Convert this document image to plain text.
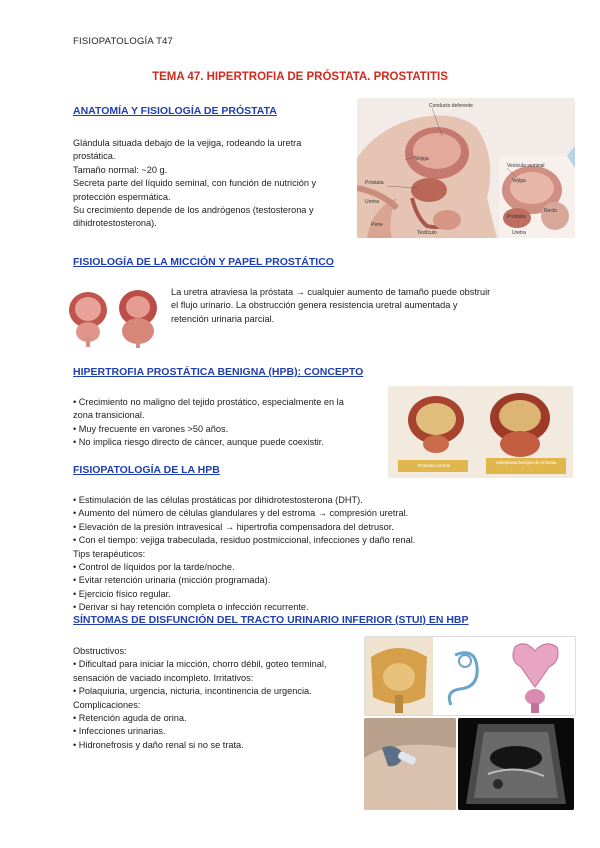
FISIOPATOLOGÍA T47
TEMA 47. HIPERTROFIA DE PRÓSTATA. PROSTATITIS
ANATOMÍA Y FISIOLOGÍA DE PRÓSTATA
Glándula situada debajo de la vejiga, rodeando la uretra
prostática.
Tamaño normal: ~20 g.
Secreta parte del líquido seminal, con función de nutrición y
protección espermática.
Su crecimiento depende de los andrógenos (testosterona y
dihidrotestosterona).
Conducto deferente
Vejiga
Vesícula seminal
Próstata
Uretra
Pene
Testículo
Vejiga
Próstata
Recto
Uretra
FISIOLOGÍA DE LA MICCIÓN Y PAPEL PROSTÁTICO
La uretra atraviesa la próstata → cualquier aumento de tamaño puede obstruir
el flujo urinario. La obstrucción genera resistencia uretral aumentada y
retención urinaria parcial.
HIPERTROFIA PROSTÁTICA BENIGNA (HPB): CONCEPTO
• Crecimiento no maligno del tejido prostático, especialmente en la
zona transicional.
• Muy frecuente en varones >50 años.
• No implica riesgo directo de cáncer, aunque puede coexistir.
Próstata normal
Hiperplasia benigna de próstata
FISIOPATOLOGÍA DE LA HPB
• Estimulación de las células prostáticas por dihidrotestosterona (DHT).
• Aumento del número de células glandulares y del estroma → compresión uretral.
• Elevación de la presión intravesical → hipertrofia compensadora del detrusor.
• Con el tiempo: vejiga trabeculada, residuo postmiccional, infecciones y daño renal.
Tips terapéuticos:
• Control de líquidos por la tarde/noche.
• Evitar retención urinaria (micción programada).
• Ejercicio físico regular.
• Derivar si hay retención completa o infección recurrente.
SÍNTOMAS DE DISFUNCIÓN DEL TRACTO URINARIO INFERIOR (STUI) EN HBP
Obstructivos:
• Dificultad para iniciar la micción, chorro débil, goteo terminal,
sensación de vaciado incompleto. Irritativos:
• Polaquiuria, urgencia, nicturia, incontinencia de urgencia.
Complicaciones:
• Retención aguda de orina.
• Infecciones urinarias.
• Hidronefrosis y daño renal si no se trata.
